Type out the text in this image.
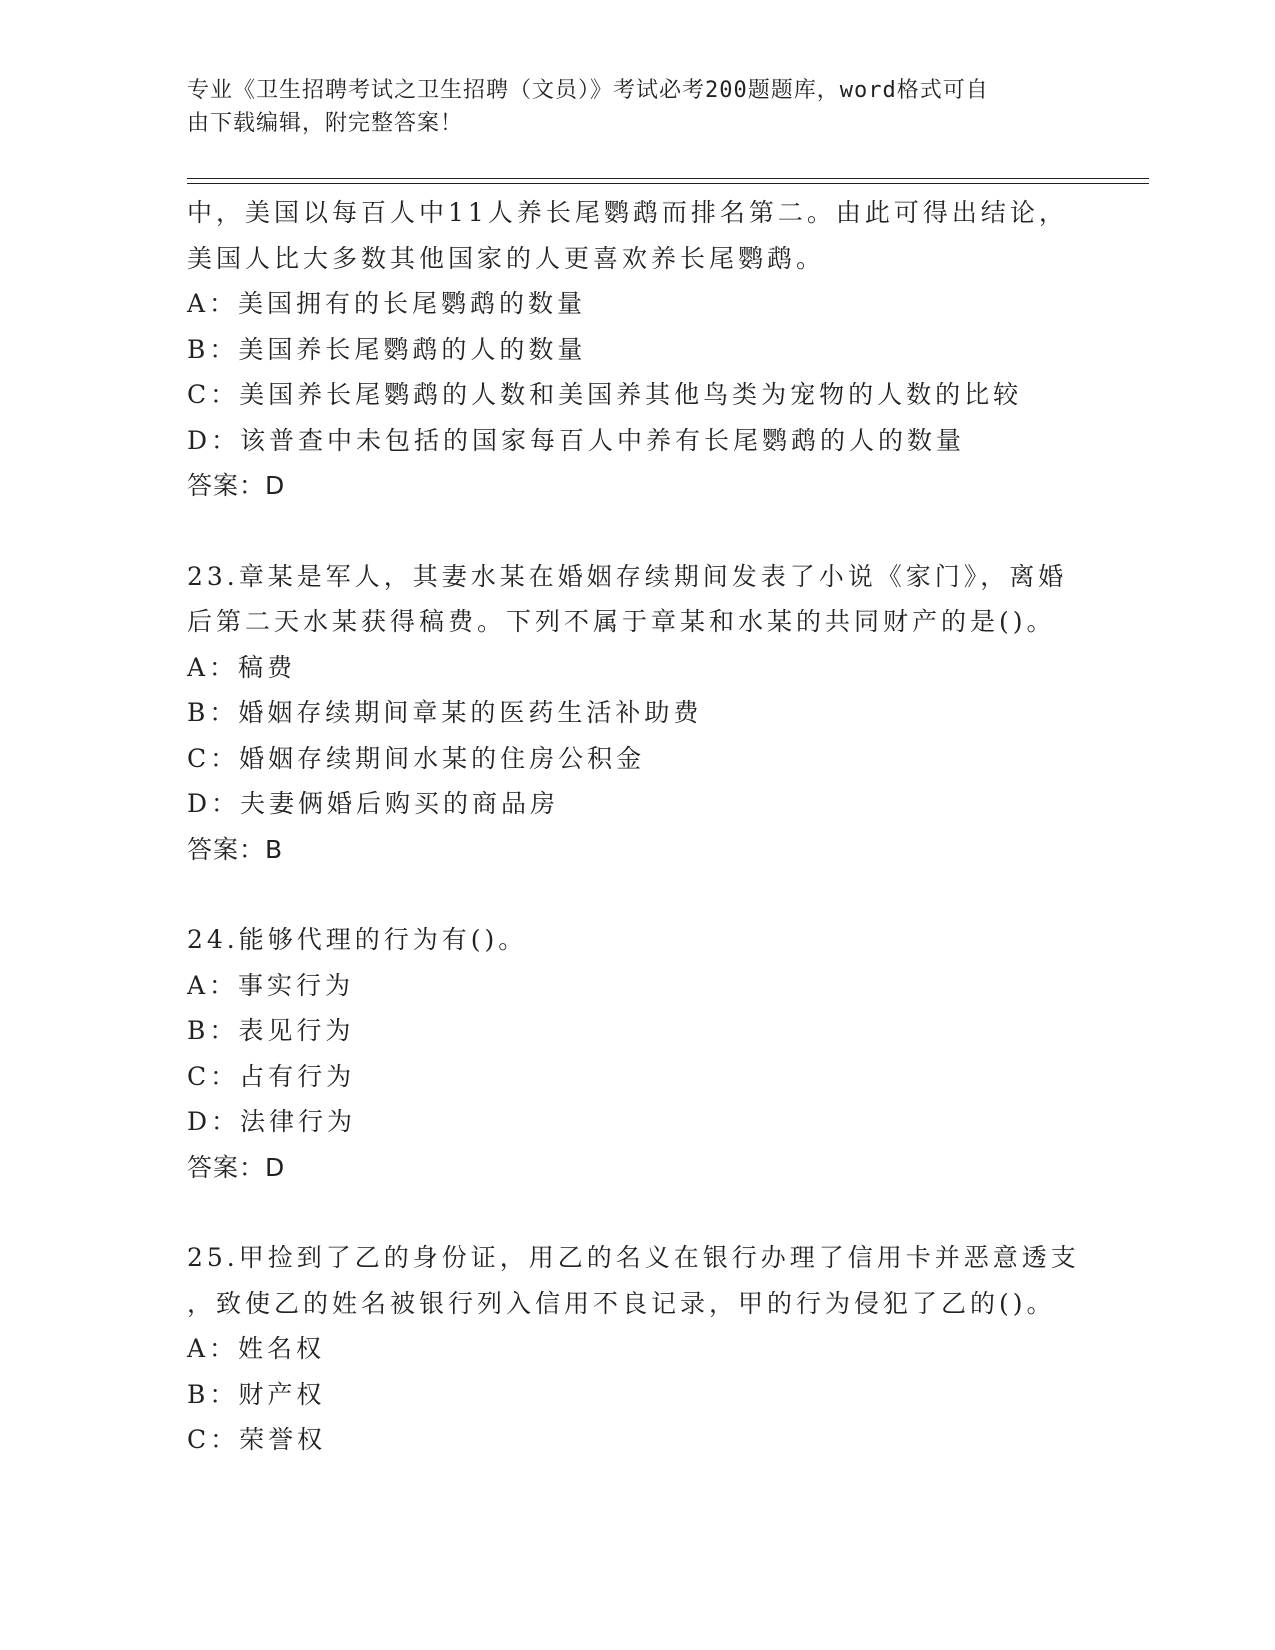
专业《卫生招聘考试之卫生招聘（文员）》考试必考200题题库，word格式可自
由下载编辑，附完整答案！
中，美国以每百人中11人养长尾鹦鹉而排名第二。由此可得出结论，
美国人比大多数其他国家的人更喜欢养长尾鹦鹉。
A：美国拥有的长尾鹦鹉的数量
B：美国养长尾鹦鹉的人的数量
C：美国养长尾鹦鹉的人数和美国养其他鸟类为宠物的人数的比较
D：该普查中未包括的国家每百人中养有长尾鹦鹉的人的数量
答案：D
23.章某是军人，其妻水某在婚姻存续期间发表了小说《家门》，离婚
后第二天水某获得稿费。下列不属于章某和水某的共同财产的是()。
A：稿费
B：婚姻存续期间章某的医药生活补助费
C：婚姻存续期间水某的住房公积金
D：夫妻俩婚后购买的商品房
答案：B
24.能够代理的行为有()。
A：事实行为
B：表见行为
C：占有行为
D：法律行为
答案：D
25.甲捡到了乙的身份证，用乙的名义在银行办理了信用卡并恶意透支
，致使乙的姓名被银行列入信用不良记录，甲的行为侵犯了乙的()。
A：姓名权
B：财产权
C：荣誉权
